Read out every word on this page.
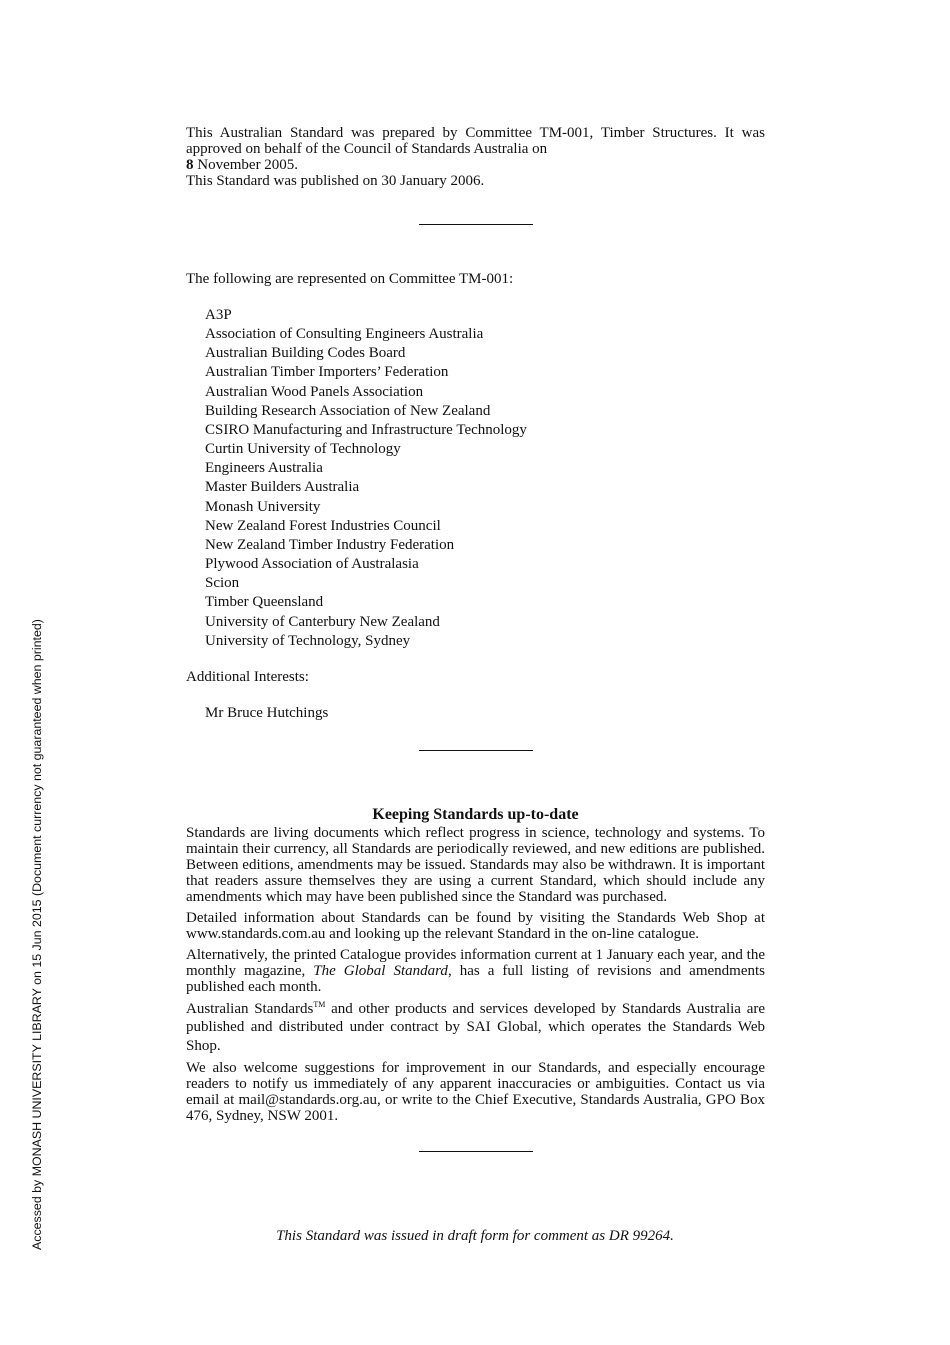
Accessed by MONASH UNIVERSITY LIBRARY on 15 Jun 2015 (Document currency not guaranteed when printed)

This Australian Standard was prepared by Committee TM-001, Timber Structures. It was approved on behalf of the Council of Standards Australia on
8 November 2005.

This Standard was published on 30 January 2006.

The following are represented on Committee TM-001:

A3P
Association of Consulting Engineers Australia
Australian Building Codes Board
Australian Timber Importers’ Federation
Australian Wood Panels Association
Building Research Association of New Zealand
CSIRO Manufacturing and Infrastructure Technology
Curtin University of Technology
Engineers Australia
Master Builders Australia
Monash University
New Zealand Forest Industries Council
New Zealand Timber Industry Federation
Plywood Association of Australasia
Scion
Timber Queensland
University of Canterbury New Zealand
University of Technology, Sydney

Additional Interests:

Mr Bruce Hutchings
Keeping Standards up-to-date

Standards are living documents which reflect progress in science, technology and systems. To maintain their currency, all Standards are periodically reviewed, and new editions are published. Between editions, amendments may be issued. Standards may also be withdrawn. It is important that readers assure themselves they are using a current Standard, which should include any amendments which may have been published since the Standard was purchased.

Detailed information about Standards can be found by visiting the Standards Web Shop at www.standards.com.au and looking up the relevant Standard in the on-line catalogue.

Alternatively, the printed Catalogue provides information current at 1 January each year, and the monthly magazine, The Global Standard, has a full listing of revisions and amendments published each month.

Australian Standards™ and other products and services developed by Standards Australia are published and distributed under contract by SAI Global, which operates the Standards Web Shop.

We also welcome suggestions for improvement in our Standards, and especially encourage readers to notify us immediately of any apparent inaccuracies or ambiguities. Contact us via email at mail@standards.org.au, or write to the Chief Executive, Standards Australia, GPO Box 476, Sydney, NSW 2001.

This Standard was issued in draft form for comment as DR 99264.
